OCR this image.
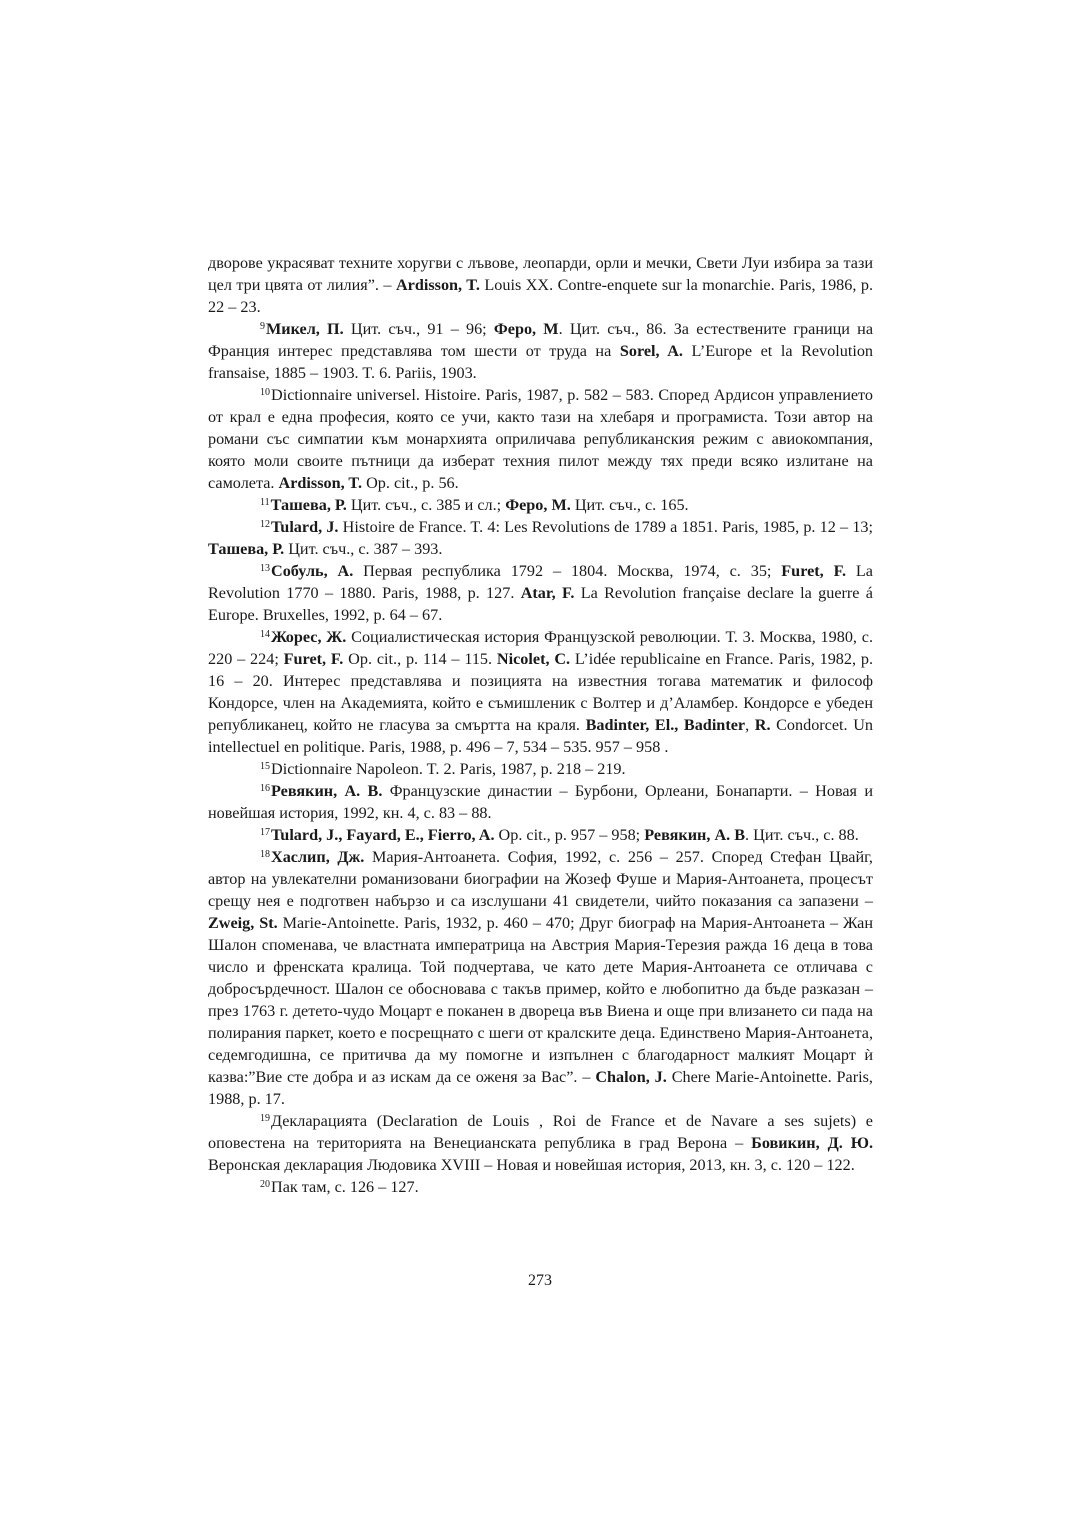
дворове украсяват техните хоругви с лъвове, леопарди, орли и мечки, Свети Луи избира за тази цел три цвята от лилия”. – Ardisson, T. Louis XX. Contre-enquete sur la monarchie. Paris, 1986, p. 22 – 23.

$^9$Микел, П. Цит. съч., 91 – 96; Феро, М. Цит. съч., 86. За естествените граници на Франция интерес представлява том шести от труда на Sorel, A. L’Europe et la Revolution fransaise, 1885 – 1903. T. 6. Pariis, 1903.

$^{10}$Dictionnaire universel. Histoire. Paris, 1987, p. 582 – 583. Според Ардисон управлението от крал е една професия, която се учи, както тази на хлебаря и програмиста. Този автор на романи със симпатии към монархията оприличава републиканския режим с авиокомпания, която моли своите пътници да изберат техния пилот между тях преди всяко излитане на самолета. Ardisson, T. Op. cit., p. 56.

$^{11}$Ташева, Р. Цит. съч., с. 385 и сл.; Феро, М. Цит. съч., с. 165.

$^{12}$Tulard, J. Histoire de France. T. 4: Les Revolutions de 1789 a 1851. Paris, 1985, p. 12 – 13; Ташева, Р. Цит. съч., с. 387 – 393.

$^{13}$Собуль, А. Первая республика 1792 – 1804. Москва, 1974, с. 35; Furet, F. La Revolution 1770 – 1880. Paris, 1988, p. 127. Atar, F. La Revolution française declare la guerre á Europe. Bruxelles, 1992, p. 64 – 67.

$^{14}$Жорес, Ж. Социалистическая история Французской революции. Т. 3. Москва, 1980, с. 220 – 224; Furet, F. Op. cit., p. 114 – 115. Nicolet, C. L’idée republicaine en France. Paris, 1982, p. 16 – 20. Интерес представлява и позицията на известния тогава математик и философ Кондорсе, член на Академията, който е съмишленик с Волтер и д’Аламбер. Кондорсе е убеден републиканец, който не гласува за смъртта на краля. Badinter, El., Badinter, R. Condorcet. Un intellectuel en politique. Paris, 1988, p. 496 – 7, 534 – 535. 957 – 958 .

$^{15}$Dictionnaire Napoleon. T. 2. Paris, 1987, p. 218 – 219.

$^{16}$Ревякин, А. В. Французские династии – Бурбони, Орлеани, Бонапарти. – Новая и новейшая история, 1992, кн. 4, с. 83 – 88.

$^{17}$Tulard, J., Fayard, E., Fierro, A. Op. cit., p. 957 – 958; Ревякин, А. В. Цит. съч., с. 88.

$^{18}$Хаслип, Дж. Мария-Антоанета. София, 1992, с. 256 – 257. Според Стефан Цвайг, автор на увлекателни романизовани биографии на Жозеф Фуше и Мария-Антоанета, процесът срещу нея е подготвен набързо и са изслушани 41 свидетели, чийто показания са запазени – Zweig, St. Marie-Antoinette. Paris, 1932, p. 460 – 470; Друг биограф на Мария-Антоанета – Жан Шалон споменава, че властната императрица на Австрия Мария-Терезия ражда 16 деца в това число и френската кралица. Той подчертава, че като дете Мария-Антоанета се отличава с добросърдечност. Шалон се обосновава с такъв пример, който е любопитно да бъде разказан – през 1763 г. детето-чудо Моцарт е поканен в двореца във Виена и още при влизането си пада на полирания паркет, което е посрещнато с шеги от кралските деца. Единствено Мария-Антоанета, седемгодишна, се притичва да му помогне и изпълнен с благодарност малкият Моцарт ѝ казва:”Вие сте добра и аз искам да се оженя за Вас”. – Chalon, J. Chere Marie-Antoinette. Paris, 1988, p. 17.

$^{19}$Декларацията (Declaration de Louis , Roi de France et de Navare a ses sujets) е оповестена на територията на Венецианската република в град Верона – Бовикин, Д. Ю. Веронская декларация Людовика XVIII – Новая и новейшая история, 2013, кн. 3, с. 120 – 122.

$^{20}$Пак там, с. 126 – 127.

273
